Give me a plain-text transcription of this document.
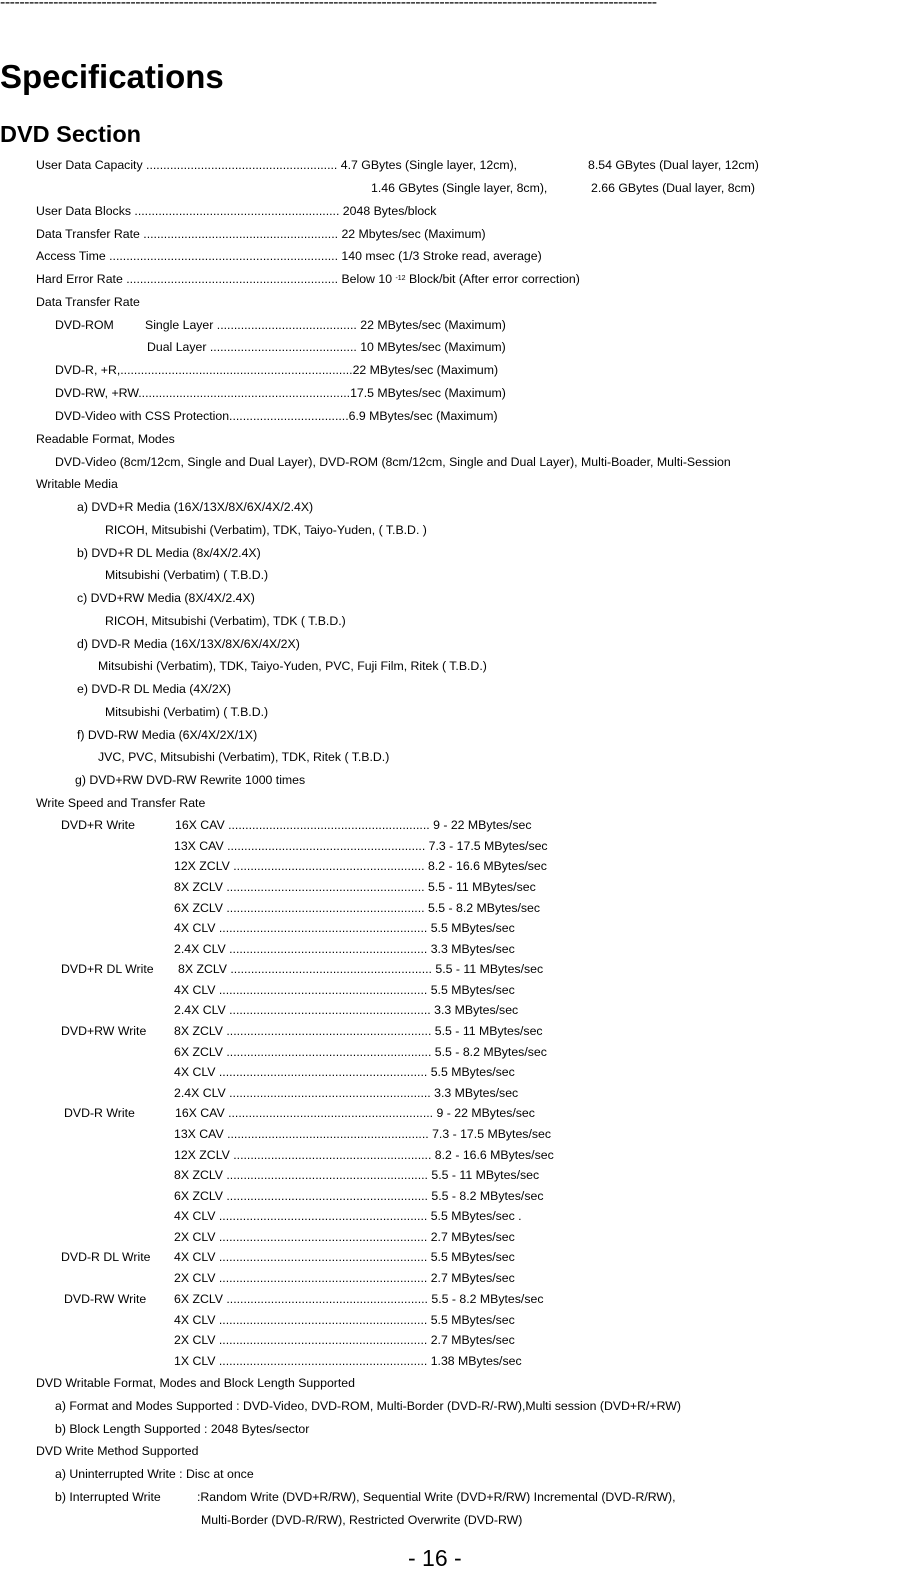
----------------------------------------------------------------------------------------------------------------------------------------
Specifications
DVD Section
User Data Capacity ........................................................ 4.7 GBytes (Single layer, 12cm),	8.54 GBytes (Dual layer, 12cm)
1.46 GBytes (Single layer, 8cm),	2.66 GBytes (Dual layer, 8cm)
User Data Blocks ............................................................ 2048 Bytes/block
Data Transfer Rate ......................................................... 22 Mbytes/sec (Maximum)
Access Time ................................................................... 140 msec (1/3 Stroke read, average)
Hard Error Rate .............................................................. Below 10 $^{-12}$ Block/bit (After error correction)
Data Transfer Rate
DVD-ROM	Single Layer ......................................... 22 MBytes/sec (Maximum)
Dual Layer ........................................... 10 MBytes/sec (Maximum)
DVD-R, +R,....................................................................22 MBytes/sec (Maximum)
DVD-RW, +RW..............................................................17.5 MBytes/sec (Maximum)
DVD-Video with CSS Protection...................................6.9 MBytes/sec (Maximum)
Readable Format, Modes
DVD-Video (8cm/12cm, Single and Dual Layer), DVD-ROM (8cm/12cm, Single and Dual Layer), Multi-Boader, Multi-Session
Writable Media
a) DVD+R Media (16X/13X/8X/6X/4X/2.4X)
RICOH, Mitsubishi (Verbatim), TDK, Taiyo-Yuden, ( T.B.D. )
b) DVD+R DL Media (8x/4X/2.4X)
Mitsubishi (Verbatim) ( T.B.D.)
c) DVD+RW Media (8X/4X/2.4X)
RICOH, Mitsubishi (Verbatim), TDK ( T.B.D.)
d) DVD-R Media (16X/13X/8X/6X/4X/2X)
Mitsubishi (Verbatim), TDK, Taiyo-Yuden, PVC, Fuji Film, Ritek ( T.B.D.)
e) DVD-R DL Media (4X/2X)
Mitsubishi (Verbatim) ( T.B.D.)
f) DVD-RW Media (6X/4X/2X/1X)
JVC, PVC, Mitsubishi (Verbatim), TDK, Ritek ( T.B.D.)
g) DVD+RW DVD-RW Rewrite 1000 times
Write Speed and Transfer Rate
DVD+R Write	16X CAV ........................................................... 9 - 22 MBytes/sec
13X CAV .......................................................... 7.3 - 17.5 MBytes/sec
12X ZCLV ........................................................ 8.2 - 16.6 MBytes/sec
8X ZCLV .......................................................... 5.5 - 11 MBytes/sec
6X ZCLV .......................................................... 5.5 - 8.2 MBytes/sec
4X CLV ............................................................. 5.5 MBytes/sec
2.4X CLV .......................................................... 3.3 MBytes/sec
DVD+R DL Write 8X ZCLV ........................................................... 5.5 - 11 MBytes/sec
4X CLV ............................................................. 5.5 MBytes/sec
2.4X CLV ........................................................... 3.3 MBytes/sec
DVD+RW Write 8X ZCLV ............................................................ 5.5 - 11 MBytes/sec
6X ZCLV ............................................................ 5.5 - 8.2 MBytes/sec
4X CLV ............................................................. 5.5 MBytes/sec
2.4X CLV ........................................................... 3.3 MBytes/sec
DVD-R Write	16X CAV ............................................................ 9 - 22 MBytes/sec
13X CAV ........................................................... 7.3 - 17.5 MBytes/sec
12X ZCLV .......................................................... 8.2 - 16.6 MBytes/sec
8X ZCLV ........................................................... 5.5 - 11 MBytes/sec
6X ZCLV ........................................................... 5.5 - 8.2 MBytes/sec
4X CLV ............................................................. 5.5 MBytes/sec .
2X CLV ............................................................. 2.7 MBytes/sec
DVD-R DL Write 4X CLV ............................................................. 5.5 MBytes/sec
2X CLV ............................................................. 2.7 MBytes/sec
DVD-RW Write 6X ZCLV ........................................................... 5.5 - 8.2 MBytes/sec
4X CLV ............................................................. 5.5 MBytes/sec
2X CLV ............................................................. 2.7 MBytes/sec
1X CLV ............................................................. 1.38 MBytes/sec
DVD Writable Format, Modes and Block Length Supported
a) Format and Modes Supported : DVD-Video, DVD-ROM, Multi-Border (DVD-R/-RW),Multi session (DVD+R/+RW)
b) Block Length Supported : 2048 Bytes/sector
DVD Write Method Supported
a) Uninterrupted Write : Disc at once
b) Interrupted Write	:Random Write (DVD+R/RW), Sequential Write (DVD+R/RW) Incremental (DVD-R/RW),
Multi-Border (DVD-R/RW), Restricted Overwrite (DVD-RW)
- 16 -
